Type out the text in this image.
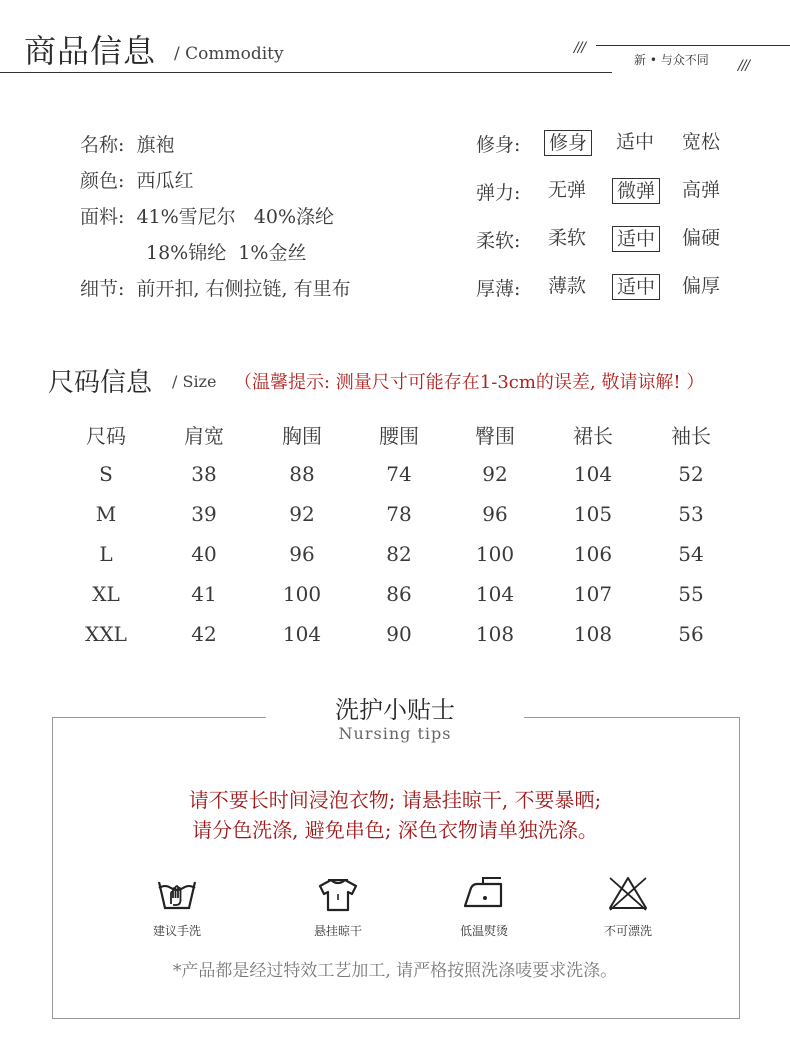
商品信息 / Commodity	///
新 • 与众不同 ///
名称: 旗袍
颜色: 西瓜红
面料: 41%雪尼尔   40%涤纶
18%锦纶  1%金丝
细节: 前开扣, 右侧拉链, 有里布
修身: 修身 适中 宽松
弹力: 无弹 微弹 高弹
柔软: 柔软 适中 偏硬
厚薄: 薄款 适中 偏厚
尺码信息 / Size （温馨提示: 测量尺寸可能存在1-3cm的误差, 敬请谅解! ）
尺码	肩宽	胸围	腰围	臀围	裙长	袖长
S	38	88	74	92	104	52
M	39	92	78	96	105	53
L	40	96	82	100	106	54
XL	41	100	86	104	107	55
XXL	42	104	90	108	108	56
洗护小贴士
Nursing tips
请不要长时间浸泡衣物; 请悬挂晾干, 不要暴晒;
请分色洗涤, 避免串色; 深色衣物请单独洗涤。
建议手洗	悬挂晾干	低温熨烫	不可漂洗
*产品都是经过特效工艺加工, 请严格按照洗涤唛要求洗涤。
